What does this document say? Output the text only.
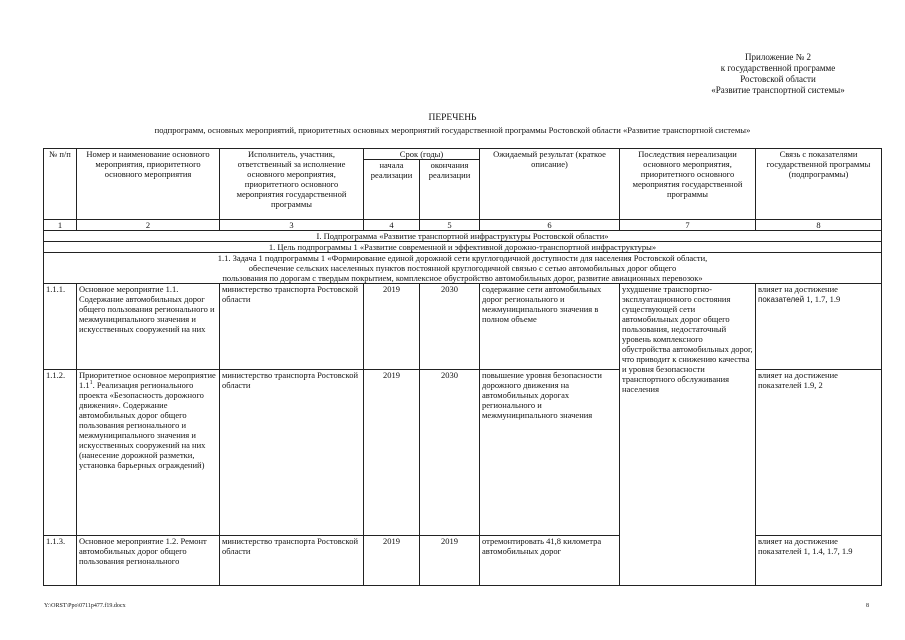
Приложение № 2
к государственной программе
Ростовской области
«Развитие транспортной системы»
ПЕРЕЧЕНЬ
подпрограмм, основных мероприятий, приоритетных основных мероприятий государственной программы Ростовской области «Развитие транспортной системы»
№ п/п	Номер и наименование основного мероприятия, приоритетного основного мероприятия	Исполнитель, участник, ответственный за исполнение основного мероприятия, приоритетного основного мероприятия государственной программы	Срок (годы)		Ожидаемый результат (краткое описание)	Последствия нереализации основного мероприятия, приоритетного основного мероприятия государственной программы	Связь с показателями государственной программы (подпрограммы)
			начала реализации	окончания реализации			
1	2	3	4	5	6	7	8
I. Подпрограмма «Развитие транспортной инфраструктуры Ростовской области»							
1. Цель подпрограммы 1 «Развитие современной и эффективной дорожно-транспортной инфраструктуры»							

1.1. Задача 1 подпрограммы 1 «Формирование единой дорожной сети круглогодичной доступности для населения Ростовской области,
обеспечение сельских населенных пунктов постоянной круглогодичной связью с сетью автомобильных дорог общего
пользования по дорогам с твердым покрытием, комплексное обустройство автомобильных дорог, развитие авиационных перевозок»							

1.1.1.	Основное мероприятие 1.1. Содержание автомобильных дорог общего пользования регионального и межмуниципального значения и искусственных сооружений на них	министерство транспорта Ростовской области	2019	2030	содержание сети автомобильных дорог регионального и межмуниципального значения в полном объеме	ухудшение транспортно-эксплуатационного состояния существующей сети автомобильных дорог общего пользования, недостаточный уровень комплексного обустройства автомобильных дорог, что приводит к снижению качества и уровня безопасности транспортного обслуживания населения	влияет на достижение показателей 1, 1.7, 1.9
1.1.2.	Приоритетное основное мероприятие $1.1^1$. Реализация регионального проекта «Безопасность дорожного движения». Содержание автомобильных дорог общего пользования регионального и межмуниципального значения и искусственных сооружений на них (нанесение дорожной разметки, установка барьерных ограждений)	министерство транспорта Ростовской области	2019	2030	повышение уровня безопасности дорожного движения на автомобильных дорогах регионального и межмуниципального значения		влияет на достижение показателей 1.9, 2
1.1.3.	Основное мероприятие 1.2. Ремонт автомобильных дорог общего пользования регионального	министерство транспорта Ростовской области	2019	2019	отремонтировать 41,8 километра автомобильных дорог		влияет на достижение показателей 1, 1.4, 1.7, 1.9
Y:\ORST\Ppo\0711p477.f19.docx	8
